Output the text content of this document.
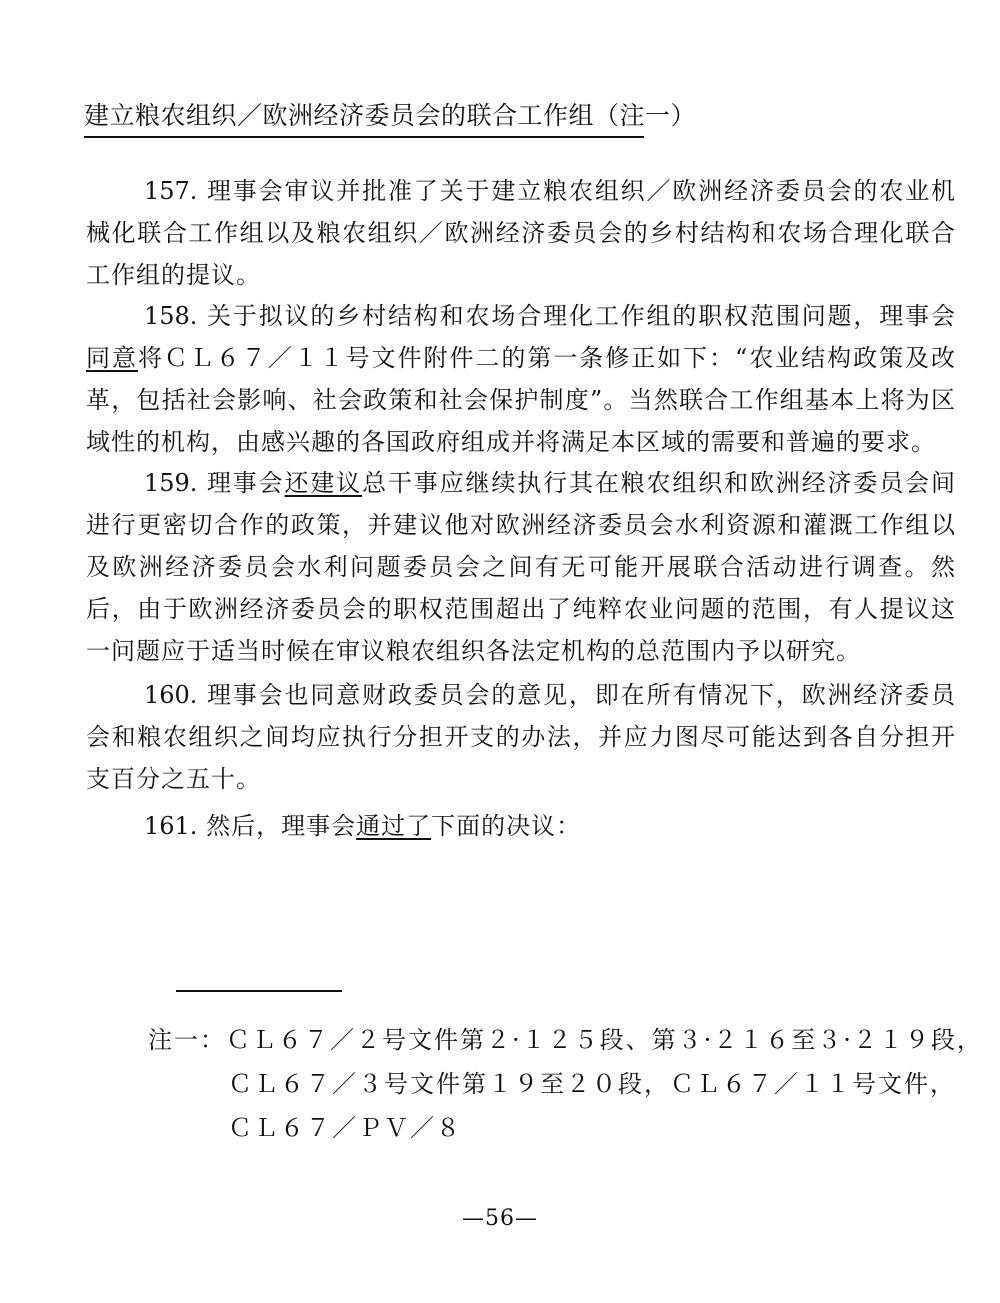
建立粮农组织／欧洲经济委员会的联合工作组（注一）
157. 理事会审议并批准了关于建立粮农组织／欧洲经济委员会的农业机械化联合工作组以及粮农组织／欧洲经济委员会的乡村结构和农场合理化联合工作组的提议。
158. 关于拟议的乡村结构和农场合理化工作组的职权范围问题，理事会同意将ＣＬ６７／１１号文件附件二的第一条修正如下：“农业结构政策及改革，包括社会影响、社会政策和社会保护制度”。当然联合工作组基本上将为区域性的机构，由感兴趣的各国政府组成并将满足本区域的需要和普遍的要求。
159. 理事会还建议总干事应继续执行其在粮农组织和欧洲经济委员会间进行更密切合作的政策，并建议他对欧洲经济委员会水利资源和灌溉工作组以及欧洲经济委员会水利问题委员会之间有无可能开展联合活动进行调查。然后，由于欧洲经济委员会的职权范围超出了纯粹农业问题的范围，有人提议这一问题应于适当时候在审议粮农组织各法定机构的总范围内予以研究。
160. 理事会也同意财政委员会的意见，即在所有情况下，欧洲经济委员会和粮农组织之间均应执行分担开支的办法，并应力图尽可能达到各自分担开支百分之五十。
161. 然后，理事会通过了下面的决议：
注一：ＣＬ６７／２号文件第２·１２５段、第３·２１６至３·２１９段，
ＣＬ６７／３号文件第１９至２０段，ＣＬ６７／１１号文件，
ＣＬ６７／ＰＶ／８
—56—
